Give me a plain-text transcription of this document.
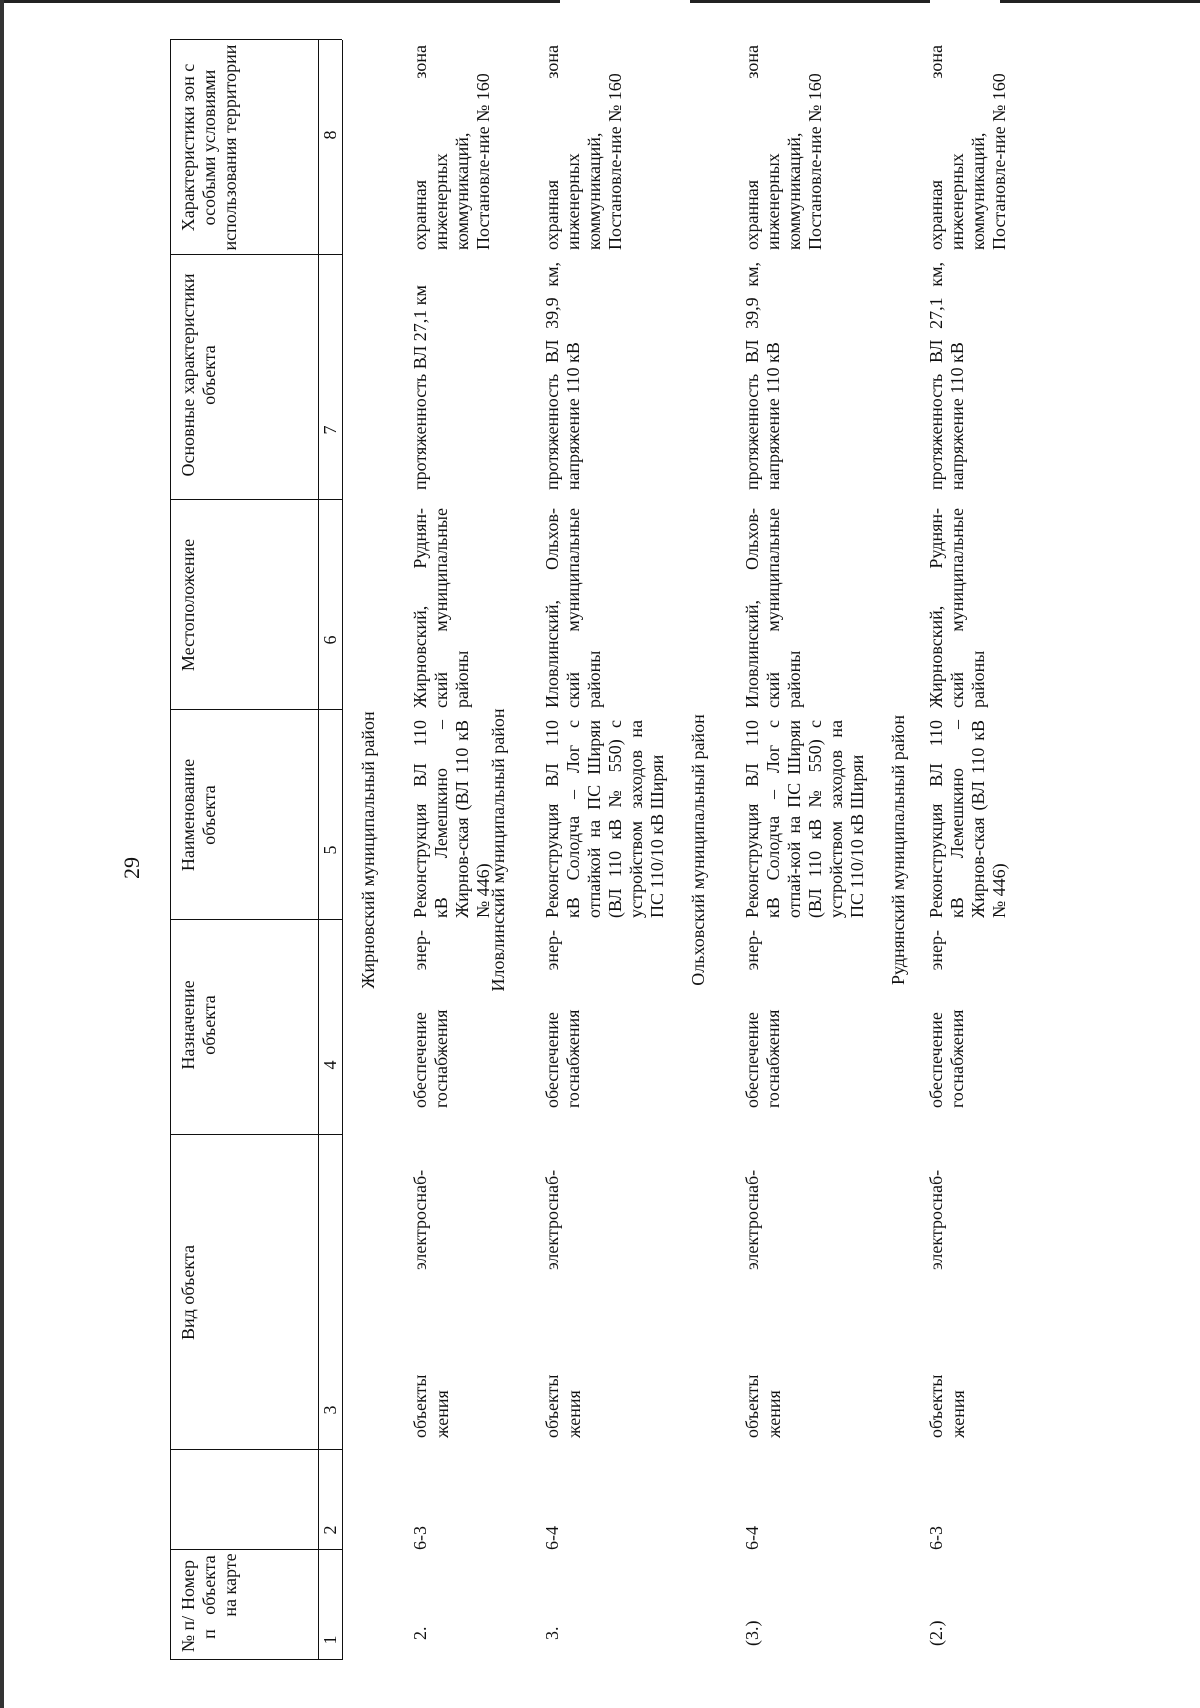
29
№ п/п
Номер объекта на карте
Вид объекта
Назначение объекта
Наименование объекта
Местоположение
Основные характеристики объекта
Характеристики зон с особыми условиями использования территории
1
2
3
4
5
6
7
8
Жирновский муниципальный район
2.
6-3
объекты
электроснаб-
жения
обеспечение энер-госнабжения
Реконструкция ВЛ 110 кВ Лемешкино – Жирнов-ская (ВЛ 110 кВ № 446)
Жирновский, Руднян-ский муниципальные районы
протяженность ВЛ 27,1 км
охранная зона инженерных коммуникаций, Постановле-ние № 160
Иловлинский муниципальный район
3.
6-4
объекты
электроснаб-
жения
обеспечение энер-госнабжения
Реконструкция ВЛ 110 кВ Солодча – Лог с отпайкой на ПС Ширяи (ВЛ 110 кВ № 550) с устройством заходов на ПС 110/10 кВ Ширяи
Иловлинский, Ольхов-ский муниципальные районы
протяженность ВЛ 39,9 км, напряжение 110 кВ
охранная зона инженерных коммуникаций, Постановле-ние № 160
Ольховский муниципальный район
(3.)
6-4
объекты
электроснаб-
жения
обеспечение энер-госнабжения
Реконструкция ВЛ 110 кВ Солодча – Лог с отпай-кой на ПС Ширяи (ВЛ 110 кВ № 550) с устройством заходов на ПС 110/10 кВ Ширяи
Иловлинский, Ольхов-ский муниципальные районы
протяженность ВЛ 39,9 км, напряжение 110 кВ
охранная зона инженерных коммуникаций, Постановле-ние № 160
Руднянский муниципальный район
(2.)
6-3
объекты
электроснаб-
жения
обеспечение энер-госнабжения
Реконструкция ВЛ 110 кВ Лемешкино – Жирнов-ская (ВЛ 110 кВ № 446)
Жирновский, Руднян-ский муниципальные районы
протяженность ВЛ 27,1 км, напряжение 110 кВ
охранная зона инженерных коммуникаций, Постановле-ние № 160
